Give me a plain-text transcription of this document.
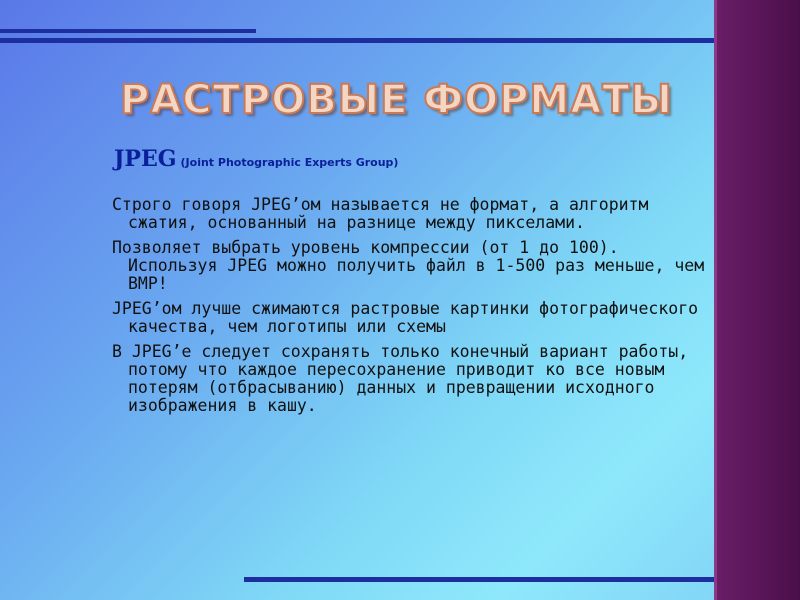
РАСТРОВЫЕ ФОРМАТЫ
JPEG (Joint Photographic Experts Group)
Строго говоря JPEG’ом называется не формат, а алгоритм сжатия, основанный на разнице между пикселами.
Позволяет выбрать уровень компрессии (от 1 до 100). Используя JPEG можно получить файл в 1-500 раз меньше, чем BMP!
JPEG’ом лучше сжимаются растровые картинки фотографического качества, чем логотипы или схемы
В JPEG’е следует сохранять только конечный вариант работы, потому что каждое пересохранение приводит ко все новым потерям (отбрасыванию) данных и превращении исходного изображения в кашу.
